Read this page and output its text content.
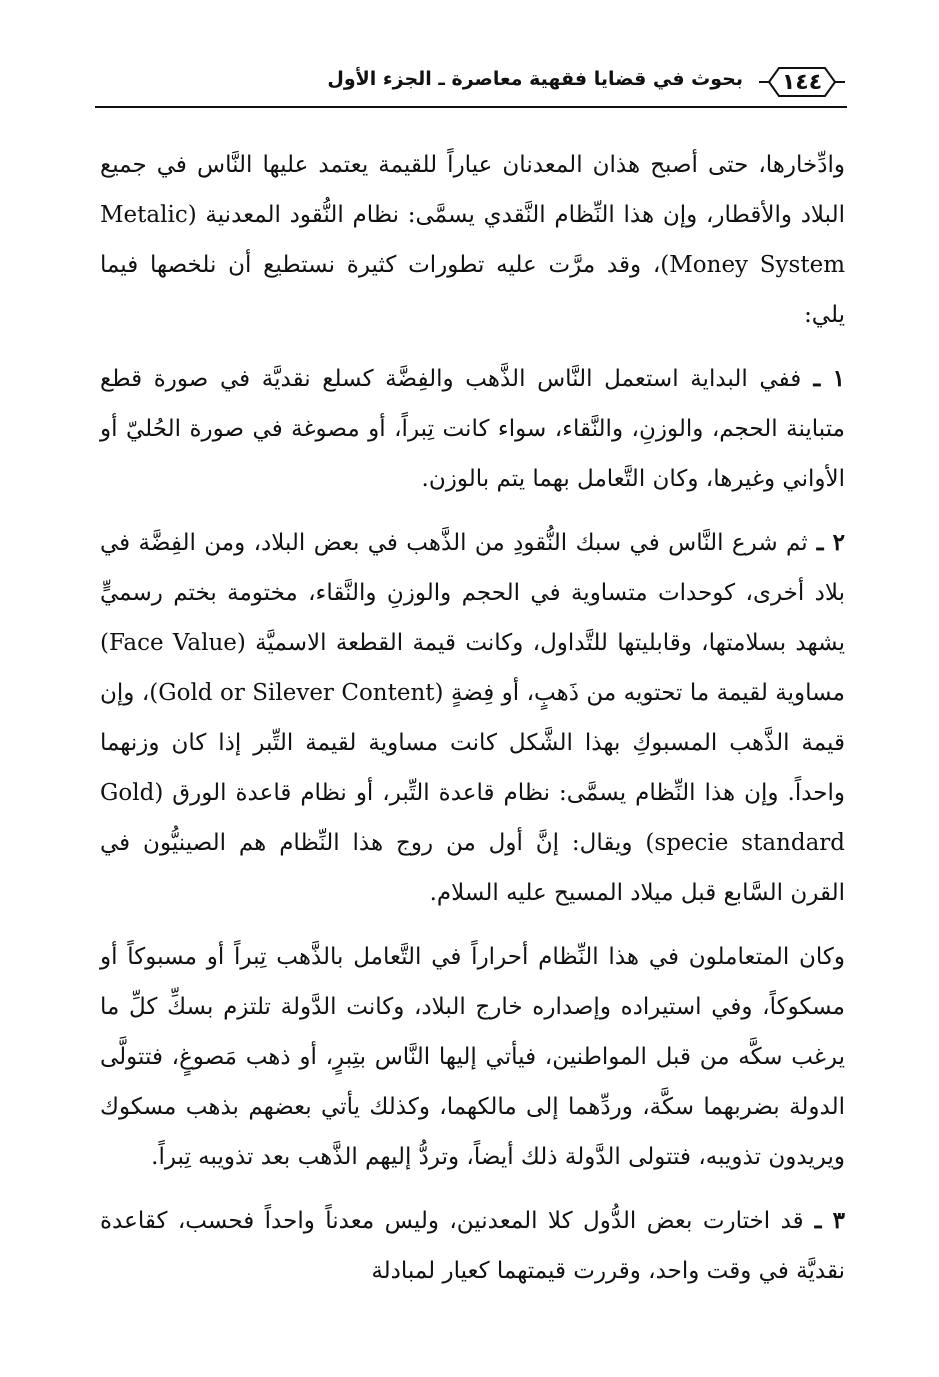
١٤٤
بحوث في قضايا فقهية معاصرة ـ الجزء الأول

وادِّخارها، حتى أصبح هذان المعدنان عياراً للقيمة يعتمد عليها النَّاس في جميع البلاد والأقطار، وإن هذا النِّظام النَّقدي يسمَّى: نظام النُّقود المعدنية (Metalic Money System)، وقد مرَّت عليه تطورات كثيرة نستطيع أن نلخصها فيما يلي:

١ ـ ففي البداية استعمل النَّاس الذَّهب والفِضَّة كسلع نقديَّة في صورة قطع متباينة الحجم، والوزنِ، والنَّقاء، سواء كانت تِبراً، أو مصوغة في صورة الحُليّ أو الأواني وغيرها، وكان التَّعامل بهما يتم بالوزن.

٢ ـ ثم شرع النَّاس في سبك النُّقودِ من الذَّهب في بعض البلاد، ومن الفِضَّة في بلاد أخرى، كوحدات متساوية في الحجم والوزنِ والنَّقاء، مختومة بختم رسميٍّ يشهد بسلامتها، وقابليتها للتَّداول، وكانت قيمة القطعة الاسميَّة (Face Value) مساوية لقيمة ما تحتويه من ذَهبٍ، أو فِضةٍ (Gold or Silever Content)، وإن قيمة الذَّهب المسبوكِ بهذا الشَّكل كانت مساوية لقيمة التِّبر إذا كان وزنهما واحداً. وإن هذا النِّظام يسمَّى: نظام قاعدة التِّبر، أو نظام قاعدة الورق (Gold specie standard) ويقال: إنَّ أول من روج هذا النِّظام هم الصينيُّون في القرن السَّابع قبل ميلاد المسيح عليه السلام.

وكان المتعاملون في هذا النِّظام أحراراً في التَّعامل بالذَّهب تِبراً أو مسبوكاً أو مسكوكاً، وفي استيراده وإصداره خارج البلاد، وكانت الدَّولة تلتزم بسكِّ كلِّ ما يرغب سكَّه من قبل المواطنين، فيأتي إليها النَّاس بتِبرٍ، أو ذهب مَصوغٍ، فتتولَّى الدولة بضربهما سكَّة، وردِّهما إلى مالكهما، وكذلك يأتي بعضهم بذهب مسكوك ويريدون تذويبه، فتتولى الدَّولة ذلك أيضاً، وتردُّ إليهم الذَّهب بعد تذويبه تِبراً.

٣ ـ قد اختارت بعض الدُّول كلا المعدنين، وليس معدناً واحداً فحسب، كقاعدة نقديَّة في وقت واحد، وقررت قيمتهما كعيار لمبادلة
